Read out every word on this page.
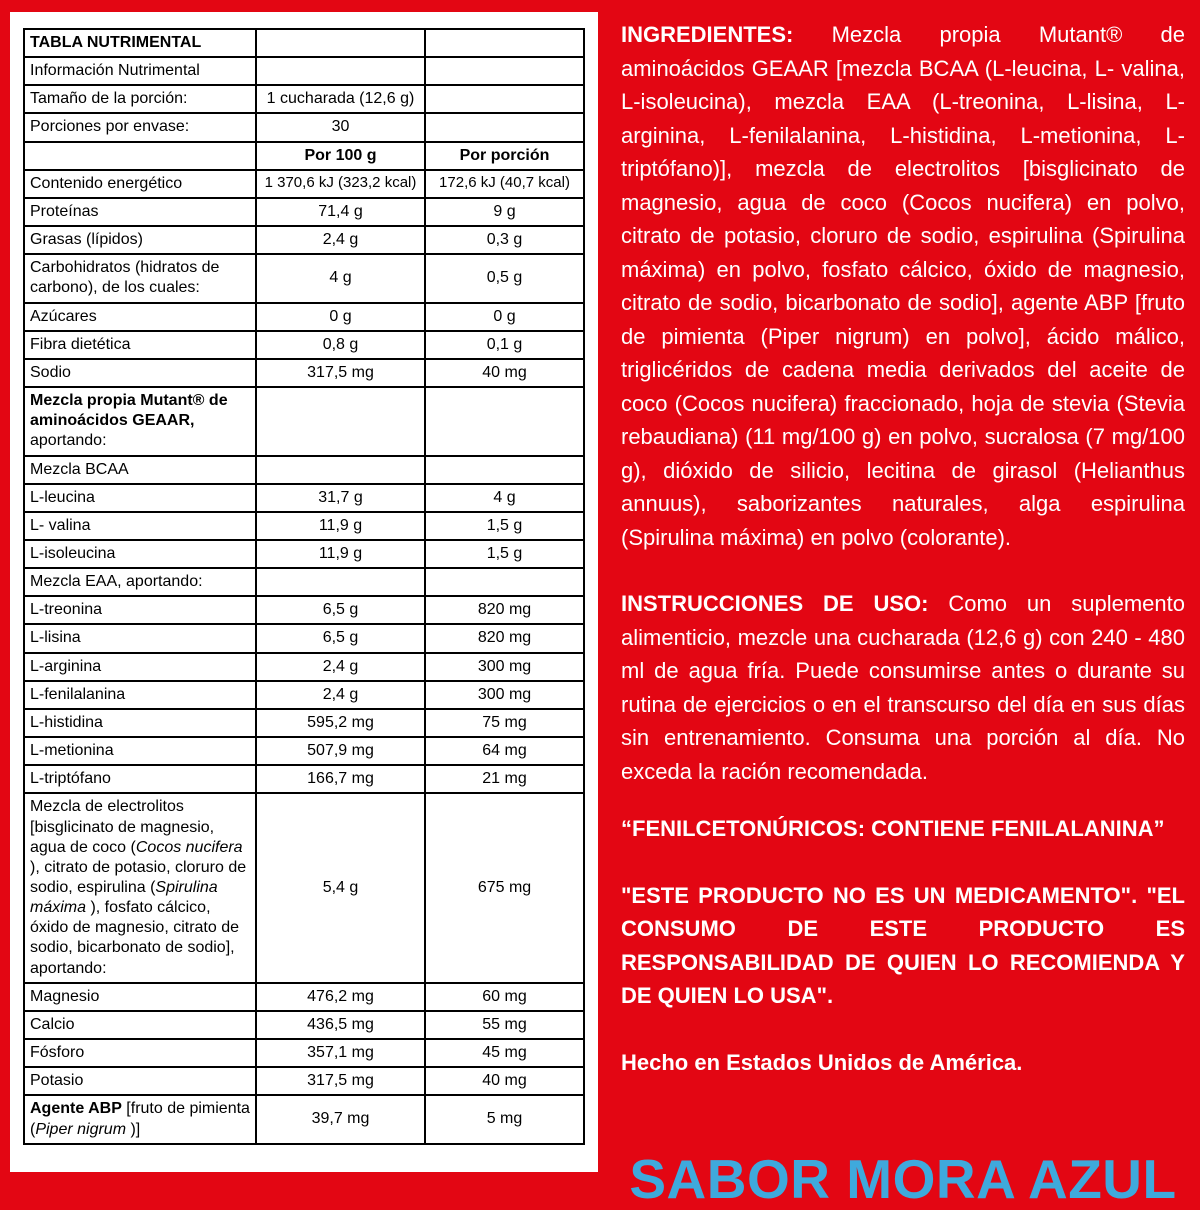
TABLA NUTRIMENTAL		
Información Nutrimental		
Tamaño de la porción:	1 cucharada (12,6 g)	
Porciones por envase:	30	
	Por 100 g	Por porción
Contenido energético	1 370,6 kJ (323,2 kcal)	172,6 kJ (40,7 kcal)
Proteínas	71,4 g	9 g
Grasas (lípidos)	2,4 g	0,3 g
Carbohidratos (hidratos de carbono), de los cuales:	4 g	0,5 g
Azúcares	0 g	0 g
Fibra dietética	0,8 g	0,1 g
Sodio	317,5 mg	40 mg
Mezcla propia Mutant® de aminoácidos GEAAR,
aportando:		

Mezcla BCAA		
L-leucina	31,7 g	4 g
L- valina	11,9 g	1,5 g
L-isoleucina	11,9 g	1,5 g
Mezcla EAA, aportando:		
L-treonina	6,5 g	820 mg
L-lisina	6,5 g	820 mg
L-arginina	2,4 g	300 mg
L-fenilalanina	2,4 g	300 mg
L-histidina	595,2 mg	75 mg
L-metionina	507,9 mg	64 mg
L-triptófano	166,7 mg	21 mg
Mezcla de electrolitos [bisglicinato de magnesio, agua de coco (Cocos nucifera ), citrato de potasio, cloruro de sodio, espirulina (Spirulina máxima ), fosfato cálcico, óxido de magnesio, citrato de sodio, bicarbonato de sodio], aportando:	5,4 g	675 mg
Magnesio	476,2 mg	60 mg
Calcio	436,5 mg	55 mg
Fósforo	357,1 mg	45 mg
Potasio	317,5 mg	40 mg
Agente ABP [fruto de pimienta (Piper nigrum )]	39,7 mg	5 mg

INGREDIENTES: Mezcla propia Mutant® de aminoácidos GEAAR [mezcla BCAA (L-leucina, L- valina, L-isoleucina), mezcla EAA (L-treonina, L-lisina, L-arginina, L-fenilalanina, L-histidina, L-metionina, L-triptófano)], mezcla de electrolitos [bisglicinato de magnesio, agua de coco (Cocos nucifera) en polvo, citrato de potasio, cloruro de sodio, espirulina (Spirulina máxima) en polvo, fosfato cálcico, óxido de magnesio, citrato de sodio, bicarbonato de sodio], agente ABP [fruto de pimienta (Piper nigrum) en polvo], ácido málico, triglicéridos de cadena media derivados del aceite de coco (Cocos nucifera) fraccionado, hoja de stevia (Stevia rebaudiana) (11 mg/100 g) en polvo, sucralosa (7 mg/100 g), dióxido de silicio, lecitina de girasol (Helianthus annuus), saborizantes naturales, alga espirulina (Spirulina máxima) en polvo (colorante).

INSTRUCCIONES DE USO: Como un suplemento alimenticio, mezcle una cucharada (12,6 g) con 240 - 480 ml de agua fría. Puede consumirse antes o durante su rutina de ejercicios o en el transcurso del día en sus días sin entrenamiento. Consuma una porción al día. No exceda la ración recomendada.

“FENILCETONÚRICOS: CONTIENE FENILALANINA”

"ESTE PRODUCTO NO ES UN MEDICAMENTO". "EL CONSUMO DE ESTE PRODUCTO ES RESPONSABILIDAD DE QUIEN LO RECOMIENDA Y DE QUIEN LO USA".

Hecho en Estados Unidos de América.

SABOR MORA AZUL
